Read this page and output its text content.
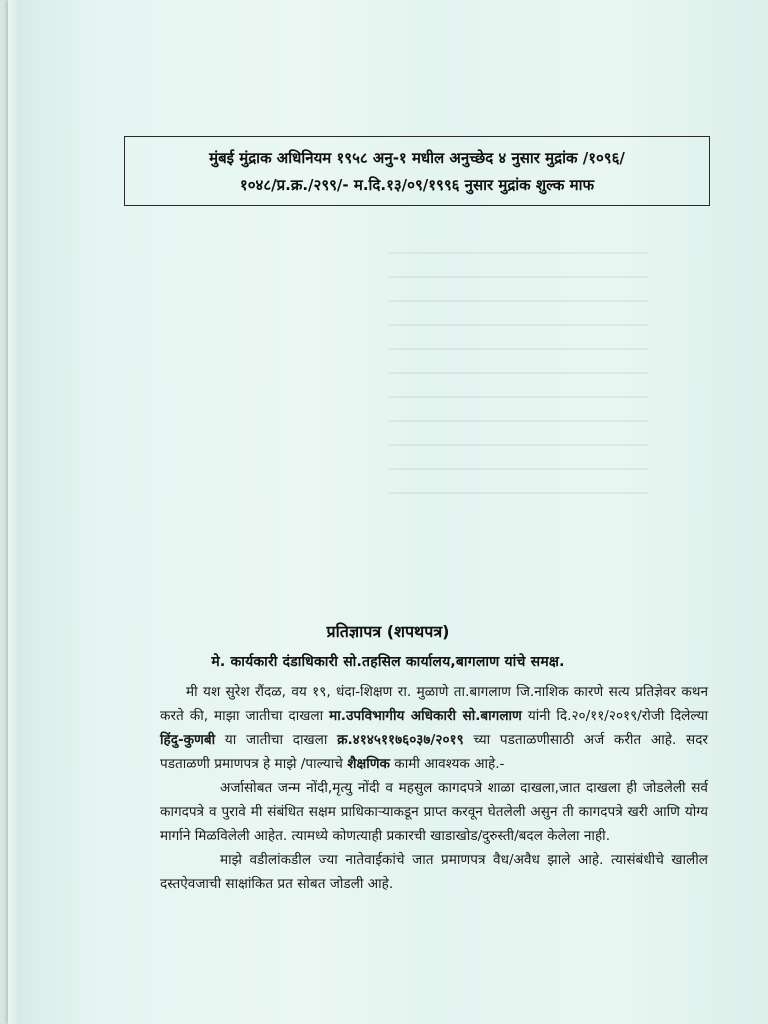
मुंबई मुंद्राक अधिनियम १९५८ अनु-१ मधील अनुच्छेद ४ नुसार मुद्रांक /१०९६/
१०४८/प्र.क्र./२९९/- म.दि.१३/०९/१९९६ नुसार मुद्रांक शुल्क माफ
प्रतिज्ञापत्र (शपथपत्र)
मे. कार्यकारी दंडाधिकारी सो.तहसिल कार्यालय,बागलाण यांचे समक्ष.

मी यश सुरेश रौंदळ, वय १९, धंदा-शिक्षण रा. मुळाणे ता.बागलाण जि.नाशिक कारणे सत्य प्रतिज्ञेवर कथन करते की, माझा जातीचा दाखला मा.उपविभागीय अधिकारी सो.बागलाण यांनी दि.२०/११/२०१९/रोजी दिलेल्या हिंदु-कुणबी या जातीचा दाखला क्र.४१४५११७६०३७/२०१९ च्या पडताळणीसाठी अर्ज करीत आहे. सदर पडताळणी प्रमाणपत्र हे माझे /पाल्याचे शैक्षणिक कामी आवश्यक आहे.-

अर्जासोबत जन्म नोंदी,मृत्यु नोंदी व महसुल कागदपत्रे शाळा दाखला,जात दाखला ही जोडलेली सर्व कागदपत्रे व पुरावे मी संबंधित सक्षम प्राधिकाऱ्याकडून प्राप्त करवून घेतलेली असुन ती कागदपत्रे खरी आणि योग्य मार्गाने मिळविलेली आहेत. त्यामध्ये कोणत्याही प्रकारची खाडाखोड/दुरुस्ती/बदल केलेला नाही.

माझे वडीलांकडील ज्या नातेवाईकांचे जात प्रमाणपत्र वैध/अवैध झाले आहे. त्यासंबंधीचे खालील दस्तऐवजाची साक्षांकित प्रत सोबत जोडली आहे.
